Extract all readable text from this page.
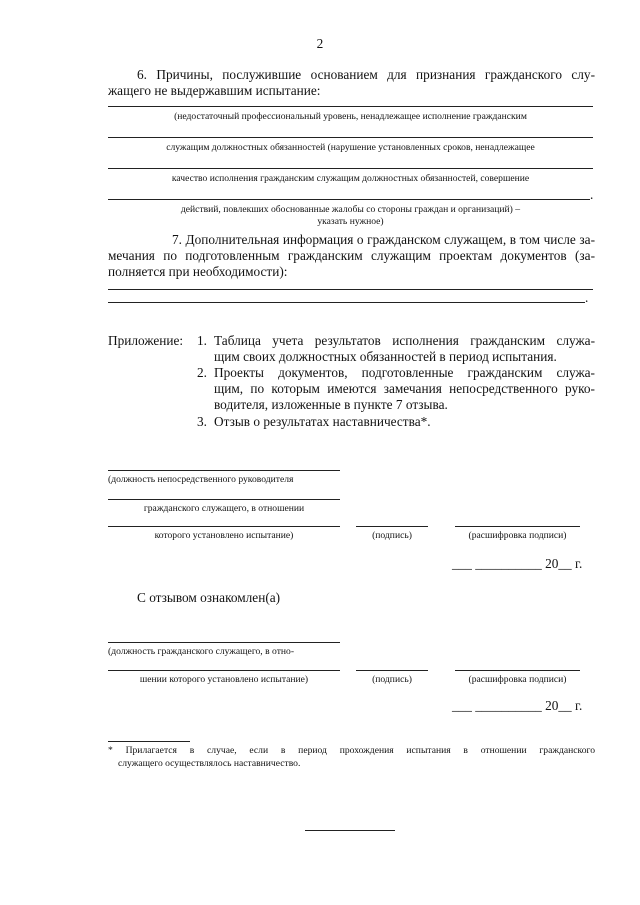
2
6. Причины, послужившие основанием для признания гражданского слу-
жащего не выдержавшим испытание:
(недостаточный профессиональный уровень, ненадлежащее исполнение гражданским
служащим должностных обязанностей (нарушение установленных сроков, ненадлежащее
качество исполнения гражданским служащим должностных обязанностей, совершение
.
действий, повлекших обоснованные жалобы со стороны граждан и организаций) –
указать нужное)
7. Дополнительная информация о гражданском служащем, в том числе за-
мечания по подготовленным гражданским служащим проектам документов (за-
полняется при необходимости):
.
Приложение: 1. Таблица учета результатов исполнения гражданским служа-
щим своих должностных обязанностей в период испытания.
2. Проекты документов, подготовленные гражданским служа-
щим, по которым имеются замечания непосредственного руко-
водителя, изложенные в пункте 7 отзыва.
3. Отзыв о результатах наставничества*.
(должность непосредственного руководителя
гражданского служащего, в отношении
которого установлено испытание)	(подпись)	(расшифровка подписи)
___ __________ 20__ г.
С отзывом ознакомлен(а)
(должность гражданского служащего, в отно-
шении которого установлено испытание)	(подпись)	(расшифровка подписи)
___ __________ 20__ г.
* Прилагается в случае, если в период прохождения испытания в отношении гражданского
служащего осуществлялось наставничество.
